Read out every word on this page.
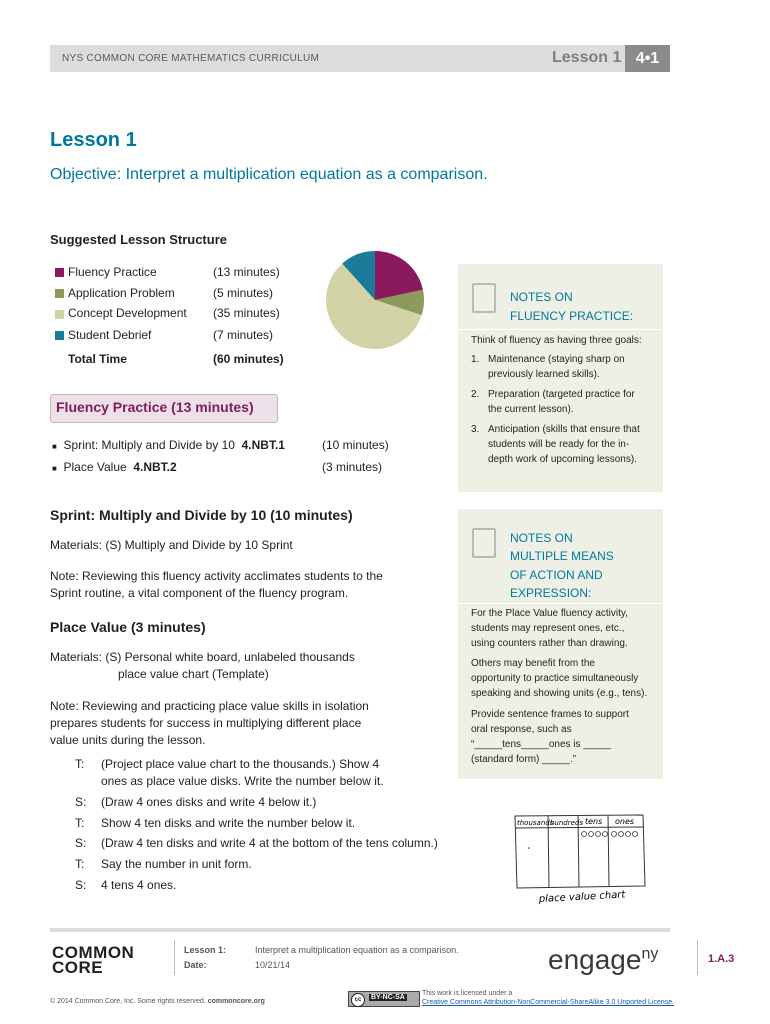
NYS COMMON CORE MATHEMATICS CURRICULUM	Lesson 1 4•1
Lesson 1
Objective: Interpret a multiplication equation as a comparison.
Suggested Lesson Structure
Fluency Practice	(13 minutes)
Application Problem	(5 minutes)
Concept Development (35 minutes)
Student Debrief	(7 minutes)
Total Time	(60 minutes)
Fluency Practice (13 minutes)
■ Sprint: Multiply and Divide by 10 4.NBT.1	(10 minutes)
■ Place Value 4.NBT.2	(3 minutes)
NOTES ON
FLUENCY PRACTICE:
Think of fluency as having three goals:
1. Maintenance (staying sharp on
previously learned skills).
2. Preparation (targeted practice for
the current lesson).
3. Anticipation (skills that ensure that
students will be ready for the in-
depth work of upcoming lessons).
NOTES ON
MULTIPLE MEANS
OF ACTION AND
EXPRESSION:
For the Place Value fluency activity,
students may represent ones, etc.,
using counters rather than drawing.
Others may benefit from the
opportunity to practice simultaneously
speaking and showing units (e.g., tens).
Provide sentence frames to support
oral response, such as
“_____tens_____ones is _____
(standard form) _____.”
Sprint: Multiply and Divide by 10 (10 minutes)
Materials: (S) Multiply and Divide by 10 Sprint
Note: Reviewing this fluency activity acclimates students to the
Sprint routine, a vital component of the fluency program.
Place Value (3 minutes)
Materials: (S) Personal white board, unlabeled thousands
place value chart (Template)
Note: Reviewing and practicing place value skills in isolation
prepares students for success in multiplying different place
value units during the lesson.
T: (Project place value chart to the thousands.) Show 4
ones as place value disks. Write the number below it.
S: (Draw 4 ones disks and write 4 below it.)
T: Show 4 ten disks and write the number below it.
S: (Draw 4 ten disks and write 4 at the bottom of the tens column.)
T: Say the number in unit form.
S: 4 tens 4 ones.
thousands
hundreds tens ones
place value chart
COMMON
CORE
Lesson 1:	Interpret a multiplication equation as a comparison.
Date:	10/21/14	engage$^{ny}$	1.A.3
© 2014 Common Core, Inc. Some rights reserved. commoncore.org	cc	BY-NC-SA
This work is licensed under a
Creative Commons Attribution-NonCommercial-ShareAlike 3.0 Unported License.
